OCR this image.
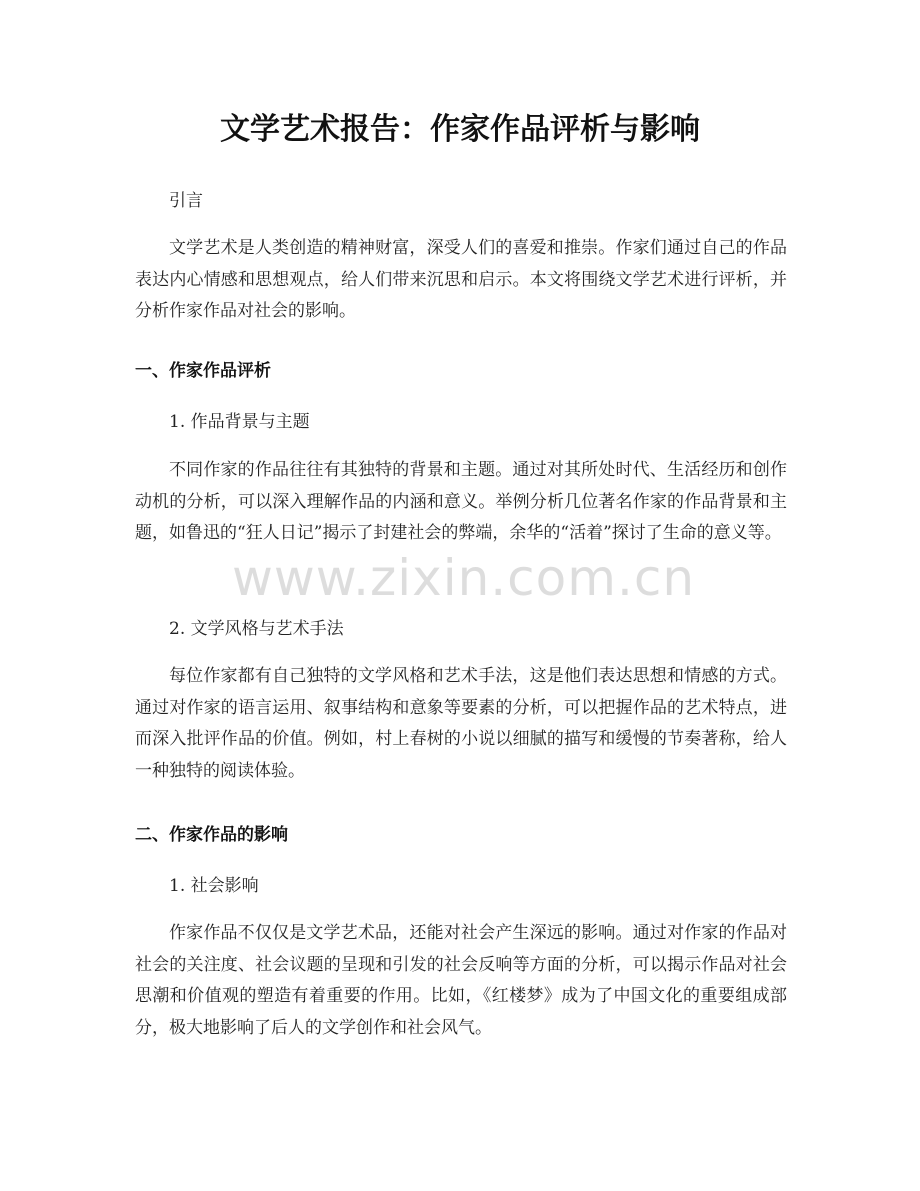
文学艺术报告：作家作品评析与影响
引言
文学艺术是人类创造的精神财富，深受人们的喜爱和推崇。作家们通过自己的作品表达内心情感和思想观点，给人们带来沉思和启示。本文将围绕文学艺术进行评析，并分析作家作品对社会的影响。
一、作家作品评析
1. 作品背景与主题
不同作家的作品往往有其独特的背景和主题。通过对其所处时代、生活经历和创作动机的分析，可以深入理解作品的内涵和意义。举例分析几位著名作家的作品背景和主题，如鲁迅的“狂人日记”揭示了封建社会的弊端，余华的“活着”探讨了生命的意义等。
2. 文学风格与艺术手法
每位作家都有自己独特的文学风格和艺术手法，这是他们表达思想和情感的方式。通过对作家的语言运用、叙事结构和意象等要素的分析，可以把握作品的艺术特点，进而深入批评作品的价值。例如，村上春树的小说以细腻的描写和缓慢的节奏著称，给人一种独特的阅读体验。
二、作家作品的影响
1. 社会影响
作家作品不仅仅是文学艺术品，还能对社会产生深远的影响。通过对作家的作品对社会的关注度、社会议题的呈现和引发的社会反响等方面的分析，可以揭示作品对社会思潮和价值观的塑造有着重要的作用。比如，《红楼梦》成为了中国文化的重要组成部分，极大地影响了后人的文学创作和社会风气。
www.zixin.com.cn
